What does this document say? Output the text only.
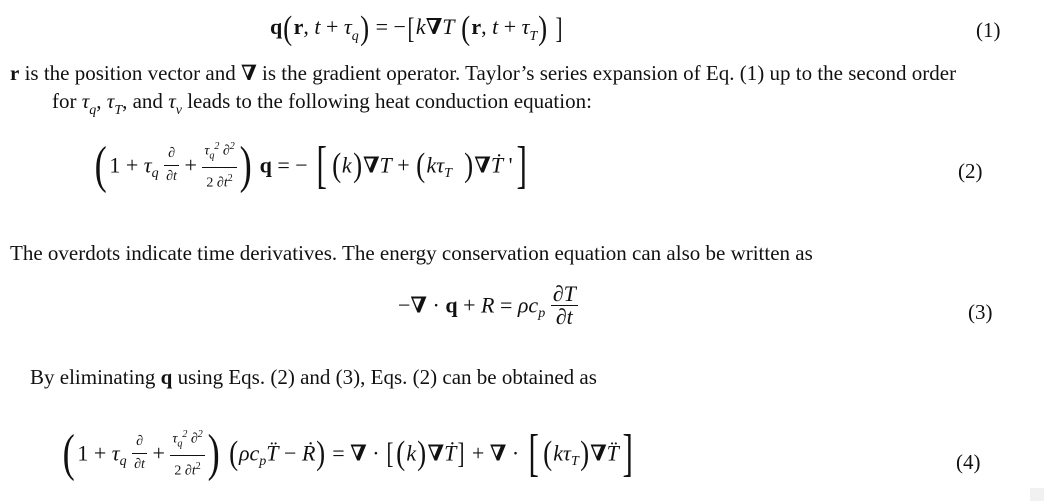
q(r, $t + \tau_q) = -[k\nabla T$ (r, $t + \tau_T$) ]	(1)
r is the position vector and ∇ is the gradient operator. Taylor’s series expansion of Eq. (1) up to the second order
for $\tau_q$, $\tau_T$, and $\tau_v$ leads to the following heat conduction equation:
( $1 + \tau_q \frac{\partial}{\partial t} + \frac{\tau_q^2 \partial^2}{2 \partial t^2}$ ) q = − [ $(k)\nabla T + (k\tau_T$ )∇Ṫ ']	(2)
The overdots indicate time derivatives. The energy conservation equation can also be written as
−∇ · $q + R = \rho c_p \frac{\partial T}{\partial t}$	(3)
By eliminating q using Eqs. (2) and (3), Eqs. (2) can be obtained as
( $1 + \tau_q \frac{\partial}{\partial t} + \frac{\tau_q^2 \partial^2}{2 \partial t^2}$ ) ($\rho c_pT̈$ − Ṙ) = ∇ · [(k)∇Ṫ] + ∇ · [ $(k\tau_T)\nabla T̈$]	(4)
